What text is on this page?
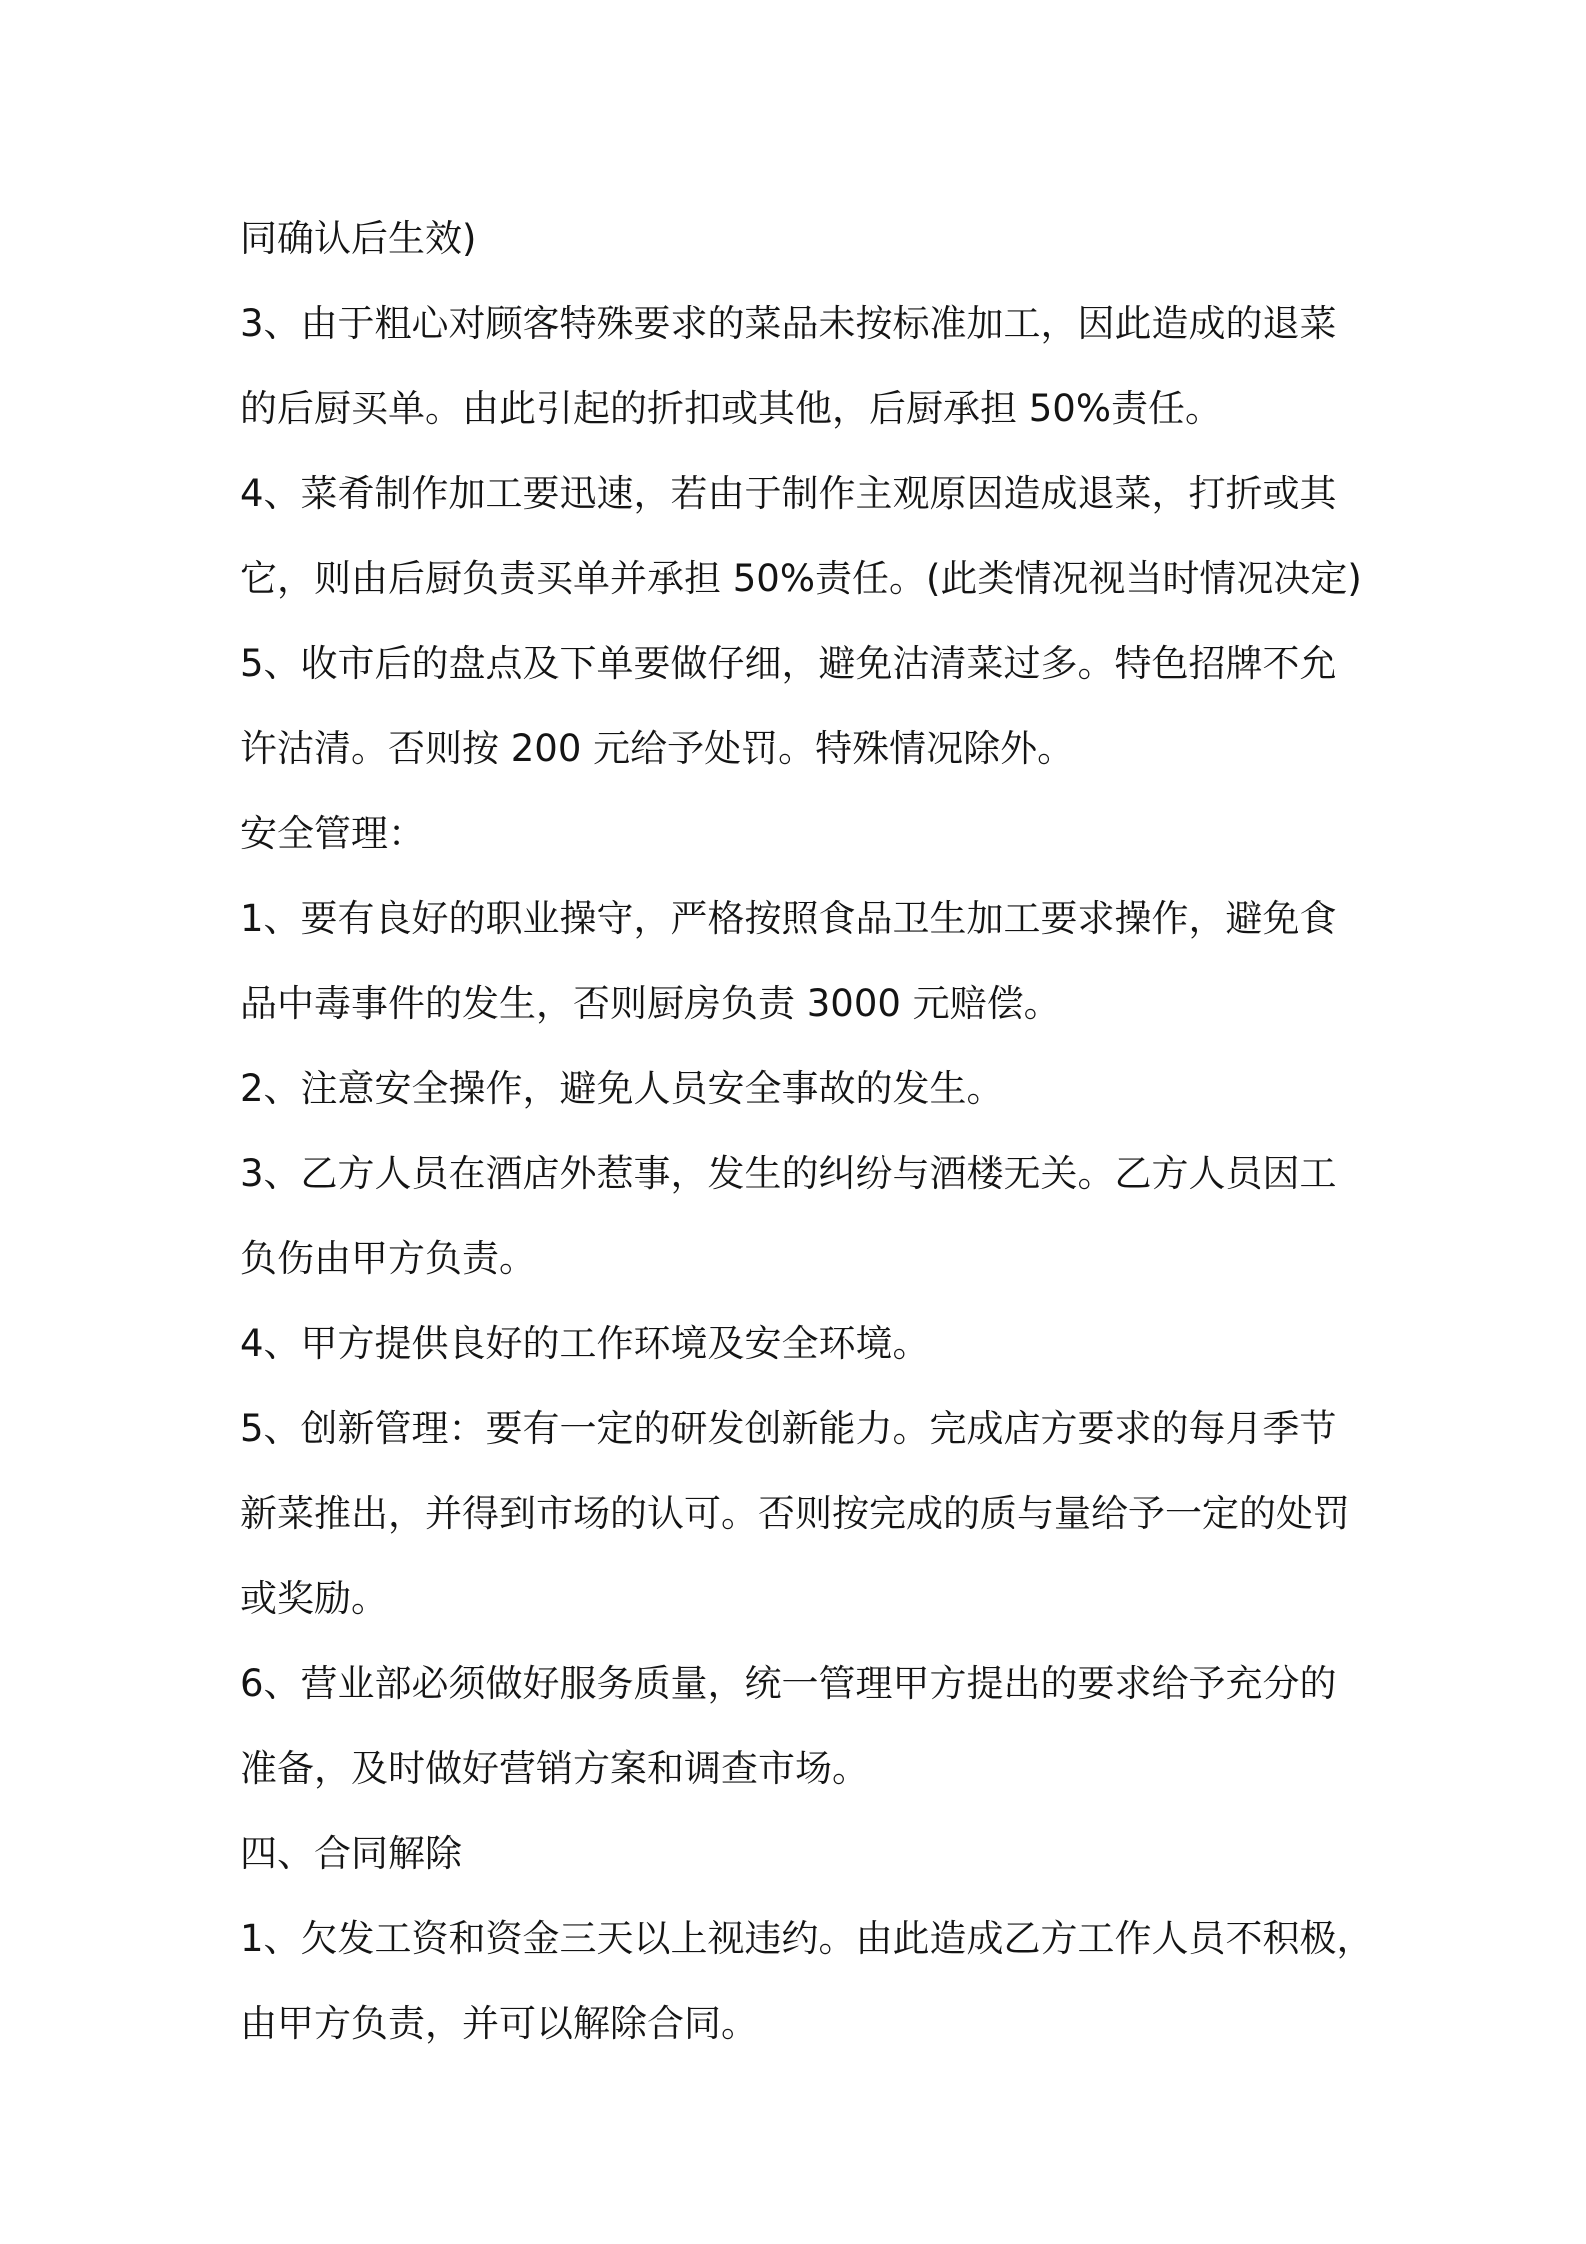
同确认后生效)
3、由于粗心对顾客特殊要求的菜品未按标准加工，因此造成的退菜
的后厨买单。由此引起的折扣或其他，后厨承担 50%责任。
4、菜肴制作加工要迅速，若由于制作主观原因造成退菜，打折或其
它，则由后厨负责买单并承担 50%责任。(此类情况视当时情况决定)
5、收市后的盘点及下单要做仔细，避免沽清菜过多。特色招牌不允
许沽清。否则按 200 元给予处罚。特殊情况除外。
安全管理：
1、要有良好的职业操守，严格按照食品卫生加工要求操作，避免食
品中毒事件的发生，否则厨房负责 3000 元赔偿。
2、注意安全操作，避免人员安全事故的发生。
3、乙方人员在酒店外惹事，发生的纠纷与酒楼无关。乙方人员因工
负伤由甲方负责。
4、甲方提供良好的工作环境及安全环境。
5、创新管理：要有一定的研发创新能力。完成店方要求的每月季节
新菜推出，并得到市场的认可。否则按完成的质与量给予一定的处罚
或奖励。
6、营业部必须做好服务质量，统一管理甲方提出的要求给予充分的
准备，及时做好营销方案和调查市场。
四、合同解除
1、欠发工资和资金三天以上视违约。由此造成乙方工作人员不积极，
由甲方负责，并可以解除合同。
